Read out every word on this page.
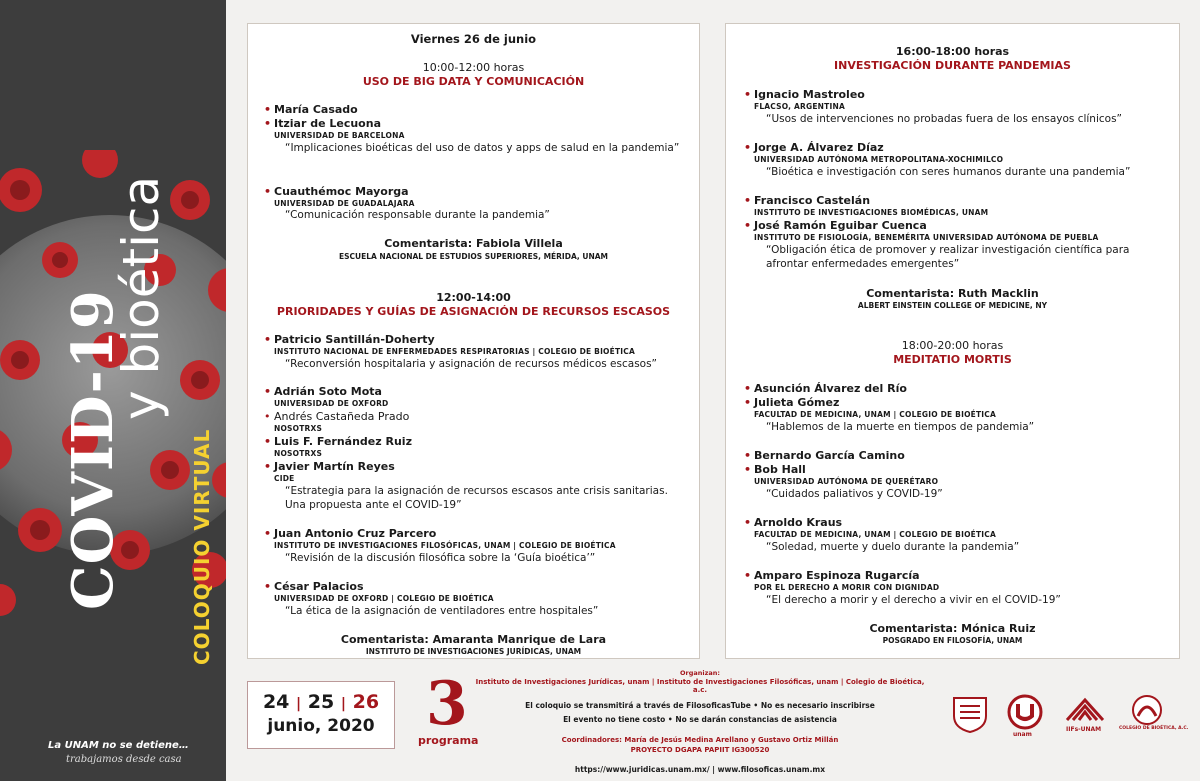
COVID-19
y bioética
COLOQUIO VIRTUAL
La UNAM no se detiene…
trabajamos desde casa
Viernes 26 de junio
10:00-12:00 horas
USO DE BIG DATA Y COMUNICACIÓN
• María Casado
• Itziar de Lecuona
UNIVERSIDAD DE BARCELONA
“Implicaciones bioéticas del uso de datos y apps de salud en la pandemia”
• Cuauthémoc Mayorga
UNIVERSIDAD DE GUADALAJARA
“Comunicación responsable durante la pandemia”
Comentarista: Fabiola Villela
ESCUELA NACIONAL DE ESTUDIOS SUPERIORES, MÉRIDA, UNAM
12:00-14:00
PRIORIDADES Y GUÍAS DE ASIGNACIÓN DE RECURSOS ESCASOS
• Patricio Santillán-Doherty
INSTITUTO NACIONAL DE ENFERMEDADES RESPIRATORIAS | COLEGIO DE BIOÉTICA
“Reconversión hospitalaria y asignación de recursos médicos escasos”
• Adrián Soto Mota
UNIVERSIDAD DE OXFORD
• Andrés Castañeda Prado
NOSOTRXS
• Luis F. Fernández Ruiz
NOSOTRXS
• Javier Martín Reyes
CIDE
“Estrategia para la asignación de recursos escasos ante crisis sanitarias. Una propuesta ante el COVID-19”
• Juan Antonio Cruz Parcero
INSTITUTO DE INVESTIGACIONES FILOSÓFICAS, UNAM | COLEGIO DE BIOÉTICA
“Revisión de la discusión filosófica sobre la ‘Guía bioética’”
• César Palacios
UNIVERSIDAD DE OXFORD | COLEGIO DE BIOÉTICA
“La ética de la asignación de ventiladores entre hospitales”
Comentarista: Amaranta Manrique de Lara
INSTITUTO DE INVESTIGACIONES JURÍDICAS, UNAM
16:00-18:00 horas
INVESTIGACIÓN DURANTE PANDEMIAS
• Ignacio Mastroleo
FLACSO, ARGENTINA
“Usos de intervenciones no probadas fuera de los ensayos clínicos”
• Jorge A. Álvarez Díaz
UNIVERSIDAD AUTÓNOMA METROPOLITANA-XOCHIMILCO
“Bioética e investigación con seres humanos durante una pandemia”
• Francisco Castelán
INSTITUTO DE INVESTIGACIONES BIOMÉDICAS, UNAM
• José Ramón Eguibar Cuenca
INSTITUTO DE FISIOLOGÍA, BENEMÉRITA UNIVERSIDAD AUTÓNOMA DE PUEBLA
“Obligación ética de promover y realizar investigación científica para afrontar enfermedades emergentes”
Comentarista: Ruth Macklin
ALBERT EINSTEIN COLLEGE OF MEDICINE, NY
18:00-20:00 horas
MEDITATIO MORTIS
• Asunción Álvarez del Río
• Julieta Gómez
FACULTAD DE MEDICINA, UNAM | COLEGIO DE BIOÉTICA
“Hablemos de la muerte en tiempos de pandemia”
• Bernardo García Camino
• Bob Hall
UNIVERSIDAD AUTÓNOMA DE QUERÉTARO
“Cuidados paliativos y COVID-19”
• Arnoldo Kraus
FACULTAD DE MEDICINA, UNAM | COLEGIO DE BIOÉTICA
“Soledad, muerte y duelo durante la pandemia”
• Amparo Espinoza Rugarcía
POR EL DERECHO A MORIR CON DIGNIDAD
“El derecho a morir y el derecho a vivir en el COVID-19”
Comentarista: Mónica Ruiz
POSGRADO EN FILOSOFÍA, UNAM
24 | 25 | 26
junio, 2020 3
programa
Organizan:
Instituto de Investigaciones Jurídicas, unam | Instituto de Investigaciones Filosóficas, unam | Colegio de Bioética, a.c.
El coloquio se transmitirá a través de FilosoficasTube • No es necesario inscribirse
El evento no tiene costo • No se darán constancias de asistencia
Coordinadores: María de Jesús Medina Arellano y Gustavo Ortiz Millán
PROYECTO DGAPA PAPIIT IG300520
https://www.juridicas.unam.mx/ | www.filosoficas.unam.mx
unam
IIFs-UNAM	COLEGIO DE BIOÉTICA, A.C.
